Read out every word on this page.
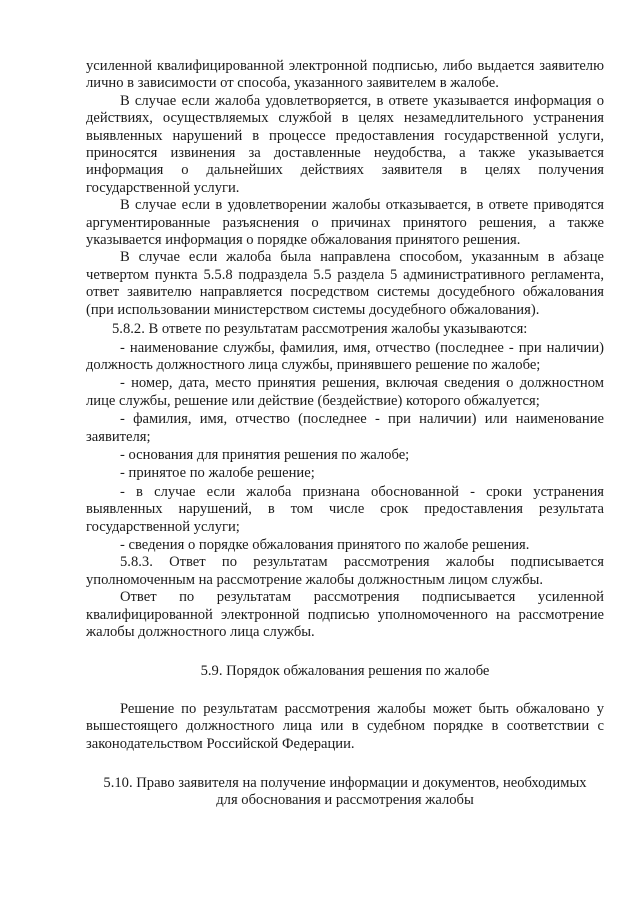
усиленной квалифицированной электронной подписью, либо выдается заявителю лично в зависимости от способа, указанного заявителем в жалобе.

В случае если жалоба удовлетворяется, в ответе указывается информация о действиях, осуществляемых службой в целях незамедлительного устранения выявленных нарушений в процессе предоставления государственной услуги, приносятся извинения за доставленные неудобства, а также указывается информация о дальнейших действиях заявителя в целях получения государственной услуги.

В случае если в удовлетворении жалобы отказывается, в ответе приводятся аргументированные разъяснения о причинах принятого решения, а также указывается информация о порядке обжалования принятого решения.

В случае если жалоба была направлена способом, указанным в абзаце четвертом пункта 5.5.8 подраздела 5.5 раздела 5 административного регламента, ответ заявителю направляется посредством системы досудебного обжалования (при использовании министерством системы досудебного обжалования).

5.8.2. В ответе по результатам рассмотрения жалобы указываются:

- наименование службы, фамилия, имя, отчество (последнее - при наличии) должность должностного лица службы, принявшего решение по жалобе;

- номер, дата, место принятия решения, включая сведения о должностном лице службы, решение или действие (бездействие) которого обжалуется;

- фамилия, имя, отчество (последнее - при наличии) или наименование заявителя;

- основания для принятия решения по жалобе;

- принятое по жалобе решение;

- в случае если жалоба признана обоснованной - сроки устранения выявленных нарушений, в том числе срок предоставления результата государственной услуги;

- сведения о порядке обжалования принятого по жалобе решения.

5.8.3. Ответ по результатам рассмотрения жалобы подписывается уполномоченным на рассмотрение жалобы должностным лицом службы.

Ответ по результатам рассмотрения подписывается усиленной квалифицированной электронной подписью уполномоченного на рассмотрение жалобы должностного лица службы.

5.9. Порядок обжалования решения по жалобе

Решение по результатам рассмотрения жалобы может быть обжаловано у вышестоящего должностного лица или в судебном порядке в соответствии с законодательством Российской Федерации.

5.10. Право заявителя на получение информации и документов, необходимых
для обоснования и рассмотрения жалобы
